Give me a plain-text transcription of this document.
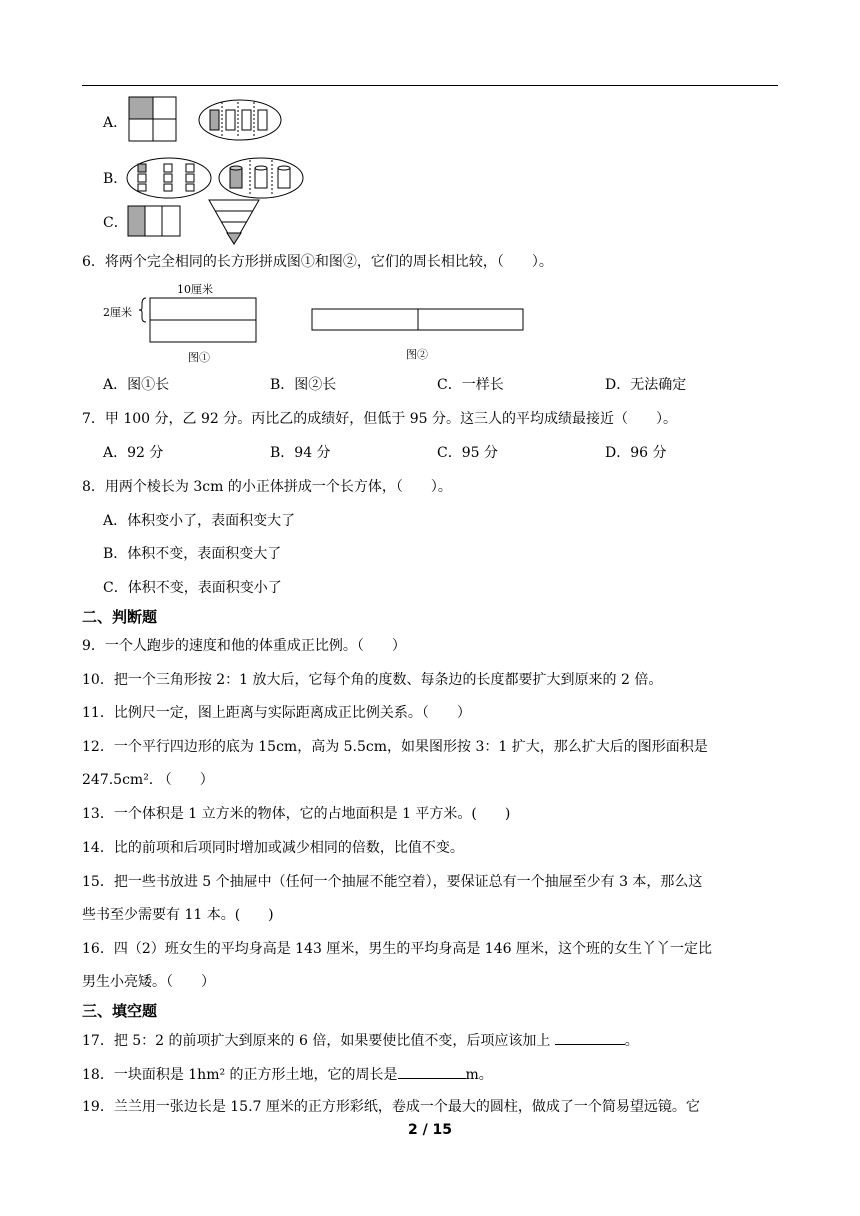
A．
B．
C．
6．将两个完全相同的长方形拼成图①和图②，它们的周长相比较，（　　）。
10厘米
2厘米
图①	图②
A．图①长	B．图②长	C．一样长	D．无法确定
7．甲 100 分，乙 92 分。丙比乙的成绩好，但低于 95 分。这三人的平均成绩最接近（　　）。
A．92 分	B．94 分	C．95 分	D．96 分
8．用两个棱长为 3cm 的小正体拼成一个长方体，（　　）。
A．体积变小了，表面积变大了
B．体积不变，表面积变大了
C．体积不变，表面积变小了
二、判断题
9．一个人跑步的速度和他的体重成正比例。（　　）
10．把一个三角形按 2：1 放大后，它每个角的度数、每条边的长度都要扩大到原来的 2 倍。
11．比例尺一定，图上距离与实际距离成正比例关系。（　　）
12．一个平行四边形的底为 15cm，高为 5.5cm，如果图形按 3：1 扩大，那么扩大后的图形面积是
247.5cm². （　　）
13．一个体积是 1 立方米的物体，它的占地面积是 1 平方米。(　　)
14．比的前项和后项同时增加或减少相同的倍数，比值不变。
15．把一些书放进 5 个抽屉中（任何一个抽屉不能空着），要保证总有一个抽屉至少有 3 本，那么这
些书至少需要有 11 本。(　　)
16．四（2）班女生的平均身高是 143 厘米，男生的平均身高是 146 厘米，这个班的女生丫丫一定比
男生小亮矮。（　　）
三、填空题
17．把 5：2 的前项扩大到原来的 6 倍，如果要使比值不变，后项应该加上	。
18．一块面积是 1hm² 的正方形土地，它的周长是	m。
19．兰兰用一张边长是 15.7 厘米的正方形彩纸，卷成一个最大的圆柱，做成了一个简易望远镜。它
2 / 15
